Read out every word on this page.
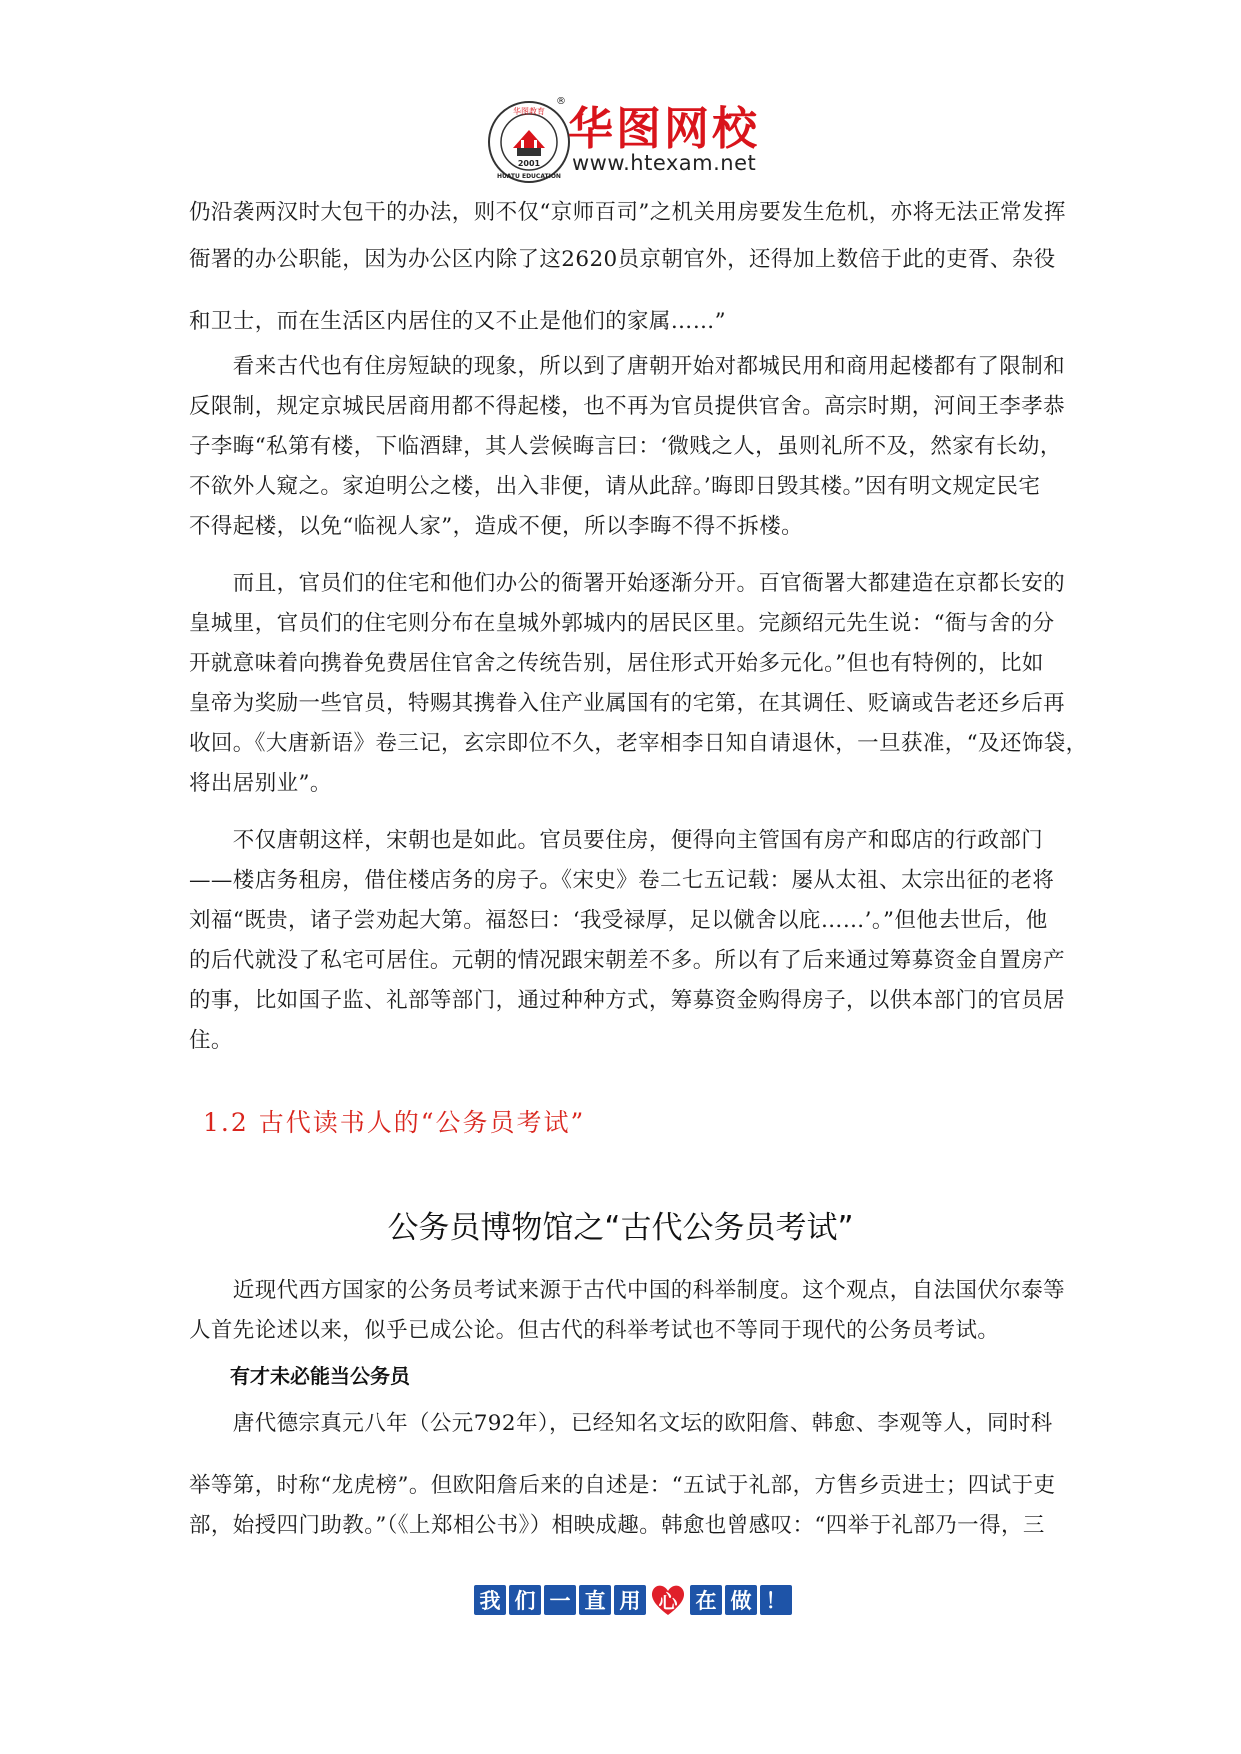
华图教育
2001
HUATU EDUCATION
®
华图网校
www.htexam.net
仍沿袭两汉时大包干的办法，则不仅“京师百司”之机关用房要发生危机，亦将无法正常发挥
衙署的办公职能，因为办公区内除了这2620员京朝官外，还得加上数倍于此的吏胥、杂役
和卫士，而在生活区内居住的又不止是他们的家属……”
　　看来古代也有住房短缺的现象，所以到了唐朝开始对都城民用和商用起楼都有了限制和
反限制，规定京城民居商用都不得起楼，也不再为官员提供官舍。高宗时期，河间王李孝恭
子李晦“私第有楼，下临酒肆，其人尝候晦言曰：‘微贱之人，虽则礼所不及，然家有长幼，
不欲外人窥之。家迫明公之楼，出入非便，请从此辞。’晦即日毁其楼。”因有明文规定民宅
不得起楼，以免“临视人家”，造成不便，所以李晦不得不拆楼。
　　而且，官员们的住宅和他们办公的衙署开始逐渐分开。百官衙署大都建造在京都长安的
皇城里，官员们的住宅则分布在皇城外郭城内的居民区里。完颜绍元先生说：“衙与舍的分
开就意味着向携眷免费居住官舍之传统告别，居住形式开始多元化。”但也有特例的，比如
皇帝为奖励一些官员，特赐其携眷入住产业属国有的宅第，在其调任、贬谪或告老还乡后再
收回。《大唐新语》卷三记，玄宗即位不久，老宰相李日知自请退休，一旦获准，“及还饰袋，
将出居别业”。
　　不仅唐朝这样，宋朝也是如此。官员要住房，便得向主管国有房产和邸店的行政部门
——楼店务租房，借住楼店务的房子。《宋史》卷二七五记载：屡从太祖、太宗出征的老将
刘福“既贵，诸子尝劝起大第。福怒曰：‘我受禄厚，足以僦舍以庇……’。”但他去世后，他
的后代就没了私宅可居住。元朝的情况跟宋朝差不多。所以有了后来通过筹募资金自置房产
的事，比如国子监、礼部等部门，通过种种方式，筹募资金购得房子，以供本部门的官员居
住。
1.2 古代读书人的“公务员考试”
公务员博物馆之“古代公务员考试”
　　近现代西方国家的公务员考试来源于古代中国的科举制度。这个观点，自法国伏尔泰等
人首先论述以来，似乎已成公论。但古代的科举考试也不等同于现代的公务员考试。
有才未必能当公务员
　　唐代德宗真元八年（公元792年），已经知名文坛的欧阳詹、韩愈、李观等人，同时科
举等第，时称“龙虎榜”。但欧阳詹后来的自述是：“五试于礼部，方售乡贡进士；四试于吏
部，始授四门助教。”（《上郑相公书》）相映成趣。韩愈也曾感叹：“四举于礼部乃一得，三
我 们 一 直 用 心 在 做 ！
